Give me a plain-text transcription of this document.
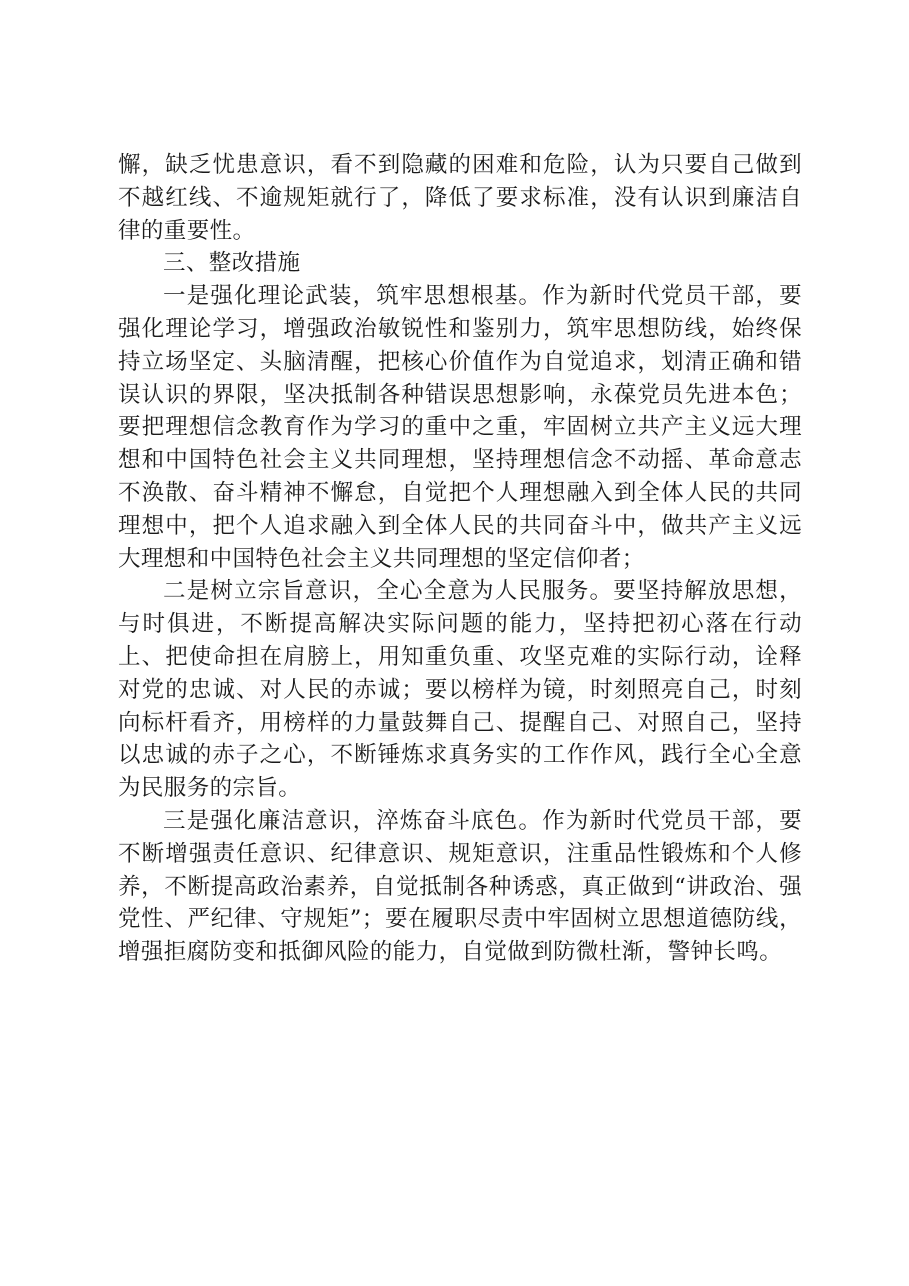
懈，缺乏忧患意识，看不到隐藏的困难和危险，认为只要自己做到不越红线、不逾规矩就行了，降低了要求标准，没有认识到廉洁自律的重要性。

三、整改措施

一是强化理论武装，筑牢思想根基。作为新时代党员干部，要强化理论学习，增强政治敏锐性和鉴别力，筑牢思想防线，始终保持立场坚定、头脑清醒，把核心价值作为自觉追求，划清正确和错误认识的界限，坚决抵制各种错误思想影响，永葆党员先进本色；要把理想信念教育作为学习的重中之重，牢固树立共产主义远大理想和中国特色社会主义共同理想，坚持理想信念不动摇、革命意志不涣散、奋斗精神不懈怠，自觉把个人理想融入到全体人民的共同理想中，把个人追求融入到全体人民的共同奋斗中，做共产主义远大理想和中国特色社会主义共同理想的坚定信仰者；

二是树立宗旨意识，全心全意为人民服务。要坚持解放思想，与时俱进，不断提高解决实际问题的能力，坚持把初心落在行动上、把使命担在肩膀上，用知重负重、攻坚克难的实际行动，诠释对党的忠诚、对人民的赤诚；要以榜样为镜，时刻照亮自己，时刻向标杆看齐，用榜样的力量鼓舞自己、提醒自己、对照自己，坚持以忠诚的赤子之心，不断锤炼求真务实的工作作风，践行全心全意为民服务的宗旨。

三是强化廉洁意识，淬炼奋斗底色。作为新时代党员干部，要不断增强责任意识、纪律意识、规矩意识，注重品性锻炼和个人修养，不断提高政治素养，自觉抵制各种诱惑，真正做到“讲政治、强党性、严纪律、守规矩”；要在履职尽责中牢固树立思想道德防线，增强拒腐防变和抵御风险的能力，自觉做到防微杜渐，警钟长鸣。
